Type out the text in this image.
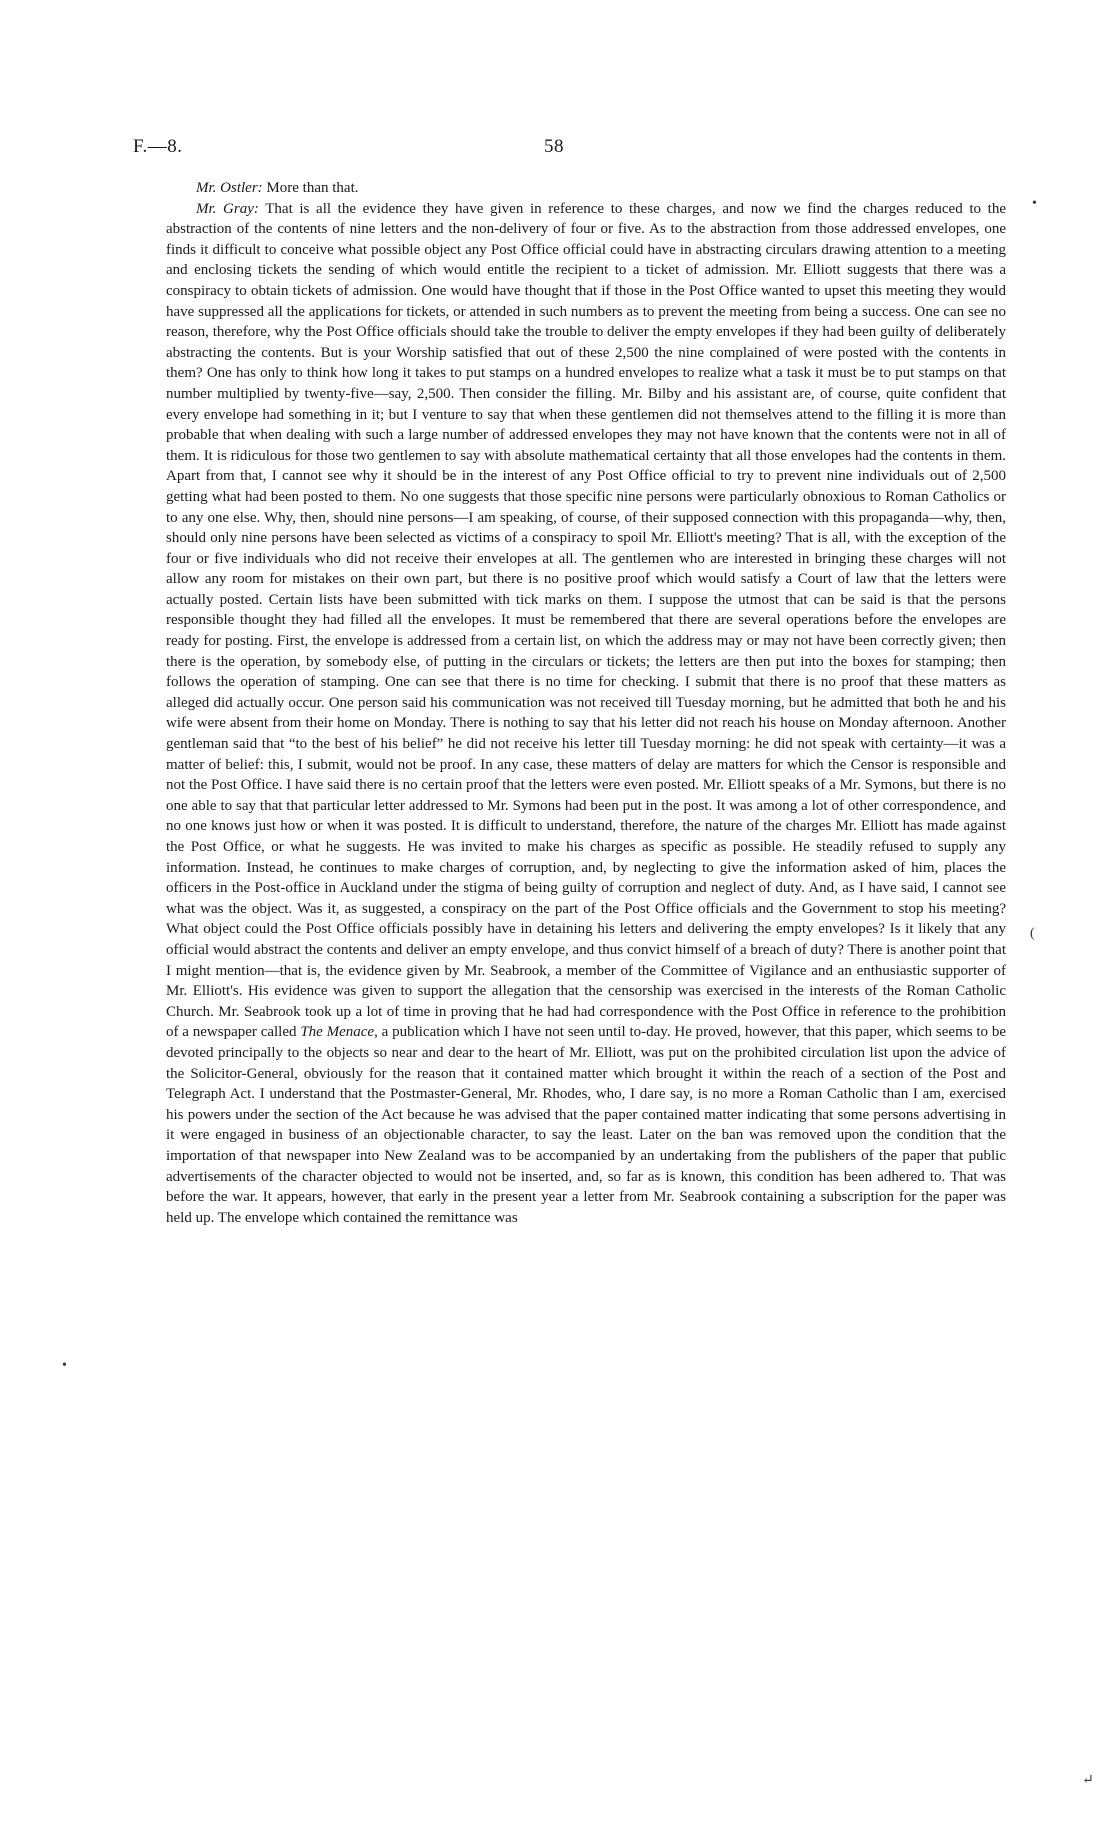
F.—8.	58

  Mr. Ostler: More than that.

  Mr. Gray: That is all the evidence they have given in reference to these charges, and now we find the charges reduced to the abstraction of the contents of nine letters and the non-delivery of four or five. As to the abstraction from those addressed envelopes, one finds it difficult to conceive what possible object any Post Office official could have in abstracting circulars drawing attention to a meeting and enclosing tickets the sending of which would entitle the recipient to a ticket of admission. Mr. Elliott suggests that there was a conspiracy to obtain tickets of admission. One would have thought that if those in the Post Office wanted to upset this meeting they would have suppressed all the applications for tickets, or attended in such numbers as to prevent the meeting from being a success. One can see no reason, therefore, why the Post Office officials should take the trouble to deliver the empty envelopes if they had been guilty of deliberately abstracting the contents. But is your Worship satisfied that out of these 2,500 the nine complained of were posted with the contents in them? One has only to think how long it takes to put stamps on a hundred envelopes to realize what a task it must be to put stamps on that number multiplied by twenty-five—say, 2,500. Then consider the filling. Mr. Bilby and his assistant are, of course, quite confident that every envelope had something in it; but I venture to say that when these gentlemen did not themselves attend to the filling it is more than probable that when dealing with such a large number of addressed envelopes they may not have known that the contents were not in all of them. It is ridiculous for those two gentlemen to say with absolute mathematical certainty that all those envelopes had the contents in them. Apart from that, I cannot see why it should be in the interest of any Post Office official to try to prevent nine individuals out of 2,500 getting what had been posted to them. No one suggests that those specific nine persons were particularly obnoxious to Roman Catholics or to any one else. Why, then, should nine persons—I am speaking, of course, of their supposed connection with this propaganda—why, then, should only nine persons have been selected as victims of a conspiracy to spoil Mr. Elliott's meeting? That is all, with the exception of the four or five individuals who did not receive their envelopes at all. The gentlemen who are interested in bringing these charges will not allow any room for mistakes on their own part, but there is no positive proof which would satisfy a Court of law that the letters were actually posted. Certain lists have been submitted with tick marks on them. I suppose the utmost that can be said is that the persons responsible thought they had filled all the envelopes. It must be remembered that there are several operations before the envelopes are ready for posting. First, the envelope is addressed from a certain list, on which the address may or may not have been correctly given; then there is the operation, by somebody else, of putting in the circulars or tickets; the letters are then put into the boxes for stamping; then follows the operation of stamping. One can see that there is no time for checking. I submit that there is no proof that these matters as alleged did actually occur. One person said his communication was not received till Tuesday morning, but he admitted that both he and his wife were absent from their home on Monday. There is nothing to say that his letter did not reach his house on Monday afternoon. Another gentleman said that “to the best of his belief” he did not receive his letter till Tuesday morning: he did not speak with certainty—it was a matter of belief: this, I submit, would not be proof. In any case, these matters of delay are matters for which the Censor is responsible and not the Post Office. I have said there is no certain proof that the letters were even posted. Mr. Elliott speaks of a Mr. Symons, but there is no one able to say that that particular letter addressed to Mr. Symons had been put in the post. It was among a lot of other correspondence, and no one knows just how or when it was posted. It is difficult to understand, therefore, the nature of the charges Mr. Elliott has made against the Post Office, or what he suggests. He was invited to make his charges as specific as possible. He steadily refused to supply any information. Instead, he continues to make charges of corruption, and, by neglecting to give the information asked of him, places the officers in the Post-office in Auckland under the stigma of being guilty of corruption and neglect of duty. And, as I have said, I cannot see what was the object. Was it, as suggested, a conspiracy on the part of the Post Office officials and the Government to stop his meeting? What object could the Post Office officials possibly have in detaining his letters and delivering the empty envelopes? Is it likely that any official would abstract the contents and deliver an empty envelope, and thus convict himself of a breach of duty? There is another point that I might mention—that is, the evidence given by Mr. Seabrook, a member of the Committee of Vigilance and an enthusiastic supporter of Mr. Elliott's. His evidence was given to support the allegation that the censorship was exercised in the interests of the Roman Catholic Church. Mr. Seabrook took up a lot of time in proving that he had had correspondence with the Post Office in reference to the prohibition of a newspaper called The Menace, a publication which I have not seen until to-day. He proved, however, that this paper, which seems to be devoted principally to the objects so near and dear to the heart of Mr. Elliott, was put on the prohibited circulation list upon the advice of the Solicitor-General, obviously for the reason that it contained matter which brought it within the reach of a section of the Post and Telegraph Act. I understand that the Postmaster-General, Mr. Rhodes, who, I dare say, is no more a Roman Catholic than I am, exercised his powers under the section of the Act because he was advised that the paper contained matter indicating that some persons advertising in it were engaged in business of an objectionable character, to say the least. Later on the ban was removed upon the condition that the importation of that newspaper into New Zealand was to be accompanied by an undertaking from the publishers of the paper that public advertisements of the character objected to would not be inserted, and, so far as is known, this condition has been adhered to. That was before the war. It appears, however, that early in the present year a letter from Mr. Seabrook containing a subscription for the paper was held up. The envelope which contained the remittance was

•
(
•
↵
